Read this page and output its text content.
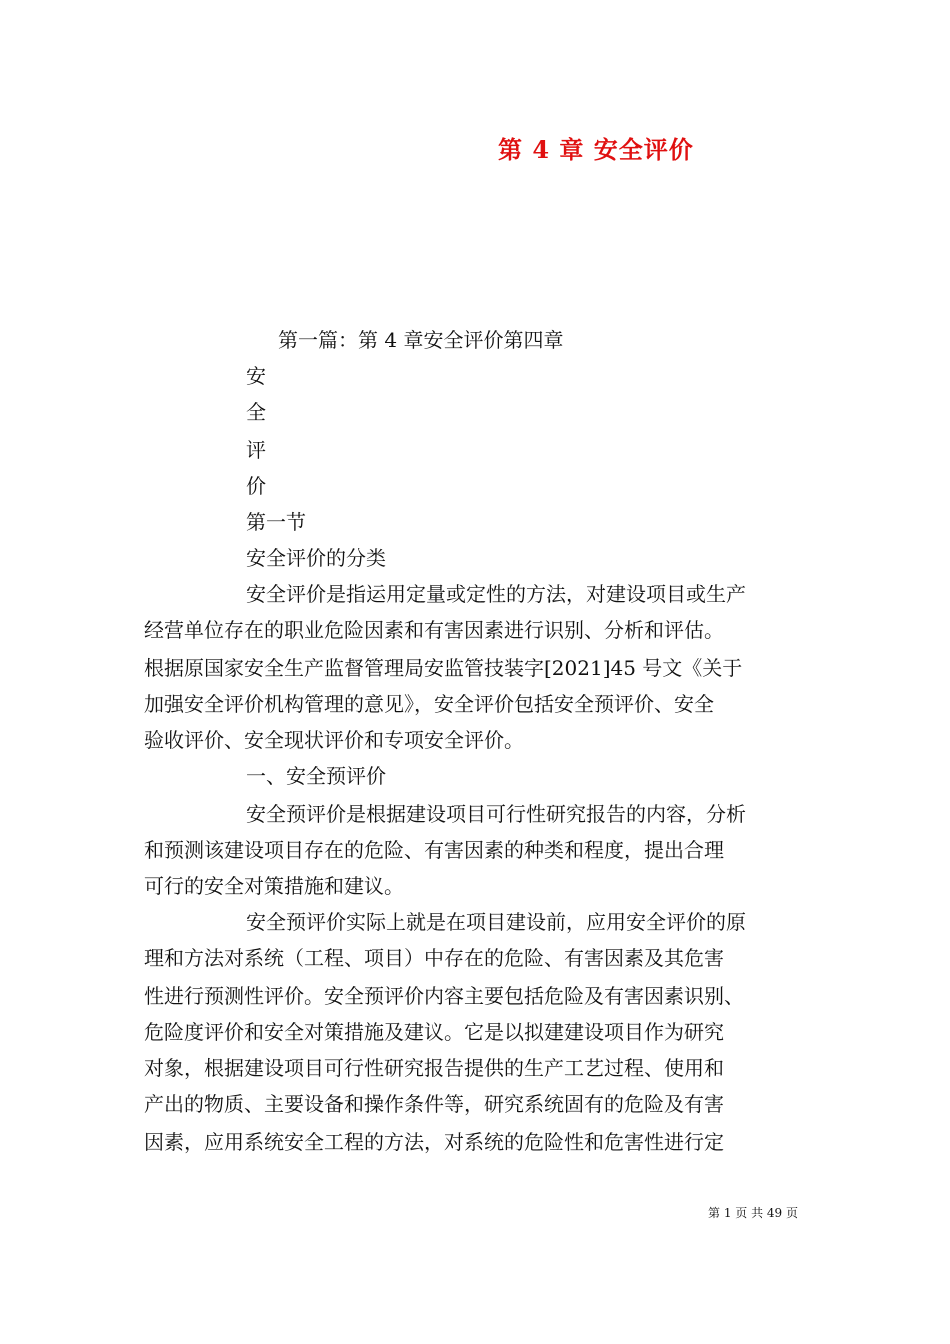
第 4 章 安全评价
第一篇：第 4 章安全评价第四章
安
全
评
价
第一节
安全评价的分类
安全评价是指运用定量或定性的方法，对建设项目或生产
经营单位存在的职业危险因素和有害因素进行识别、分析和评估。
根据原国家安全生产监督管理局安监管技装字[2021]45 号文《关于
加强安全评价机构管理的意见》，安全评价包括安全预评价、安全
验收评价、安全现状评价和专项安全评价。
一、安全预评价
安全预评价是根据建设项目可行性研究报告的内容，分析
和预测该建设项目存在的危险、有害因素的种类和程度，提出合理
可行的安全对策措施和建议。
安全预评价实际上就是在项目建设前，应用安全评价的原
理和方法对系统（工程、项目）中存在的危险、有害因素及其危害
性进行预测性评价。安全预评价内容主要包括危险及有害因素识别、
危险度评价和安全对策措施及建议。它是以拟建建设项目作为研究
对象，根据建设项目可行性研究报告提供的生产工艺过程、使用和
产出的物质、主要设备和操作条件等，研究系统固有的危险及有害
因素，应用系统安全工程的方法，对系统的危险性和危害性进行定
第 1 页 共 49 页
